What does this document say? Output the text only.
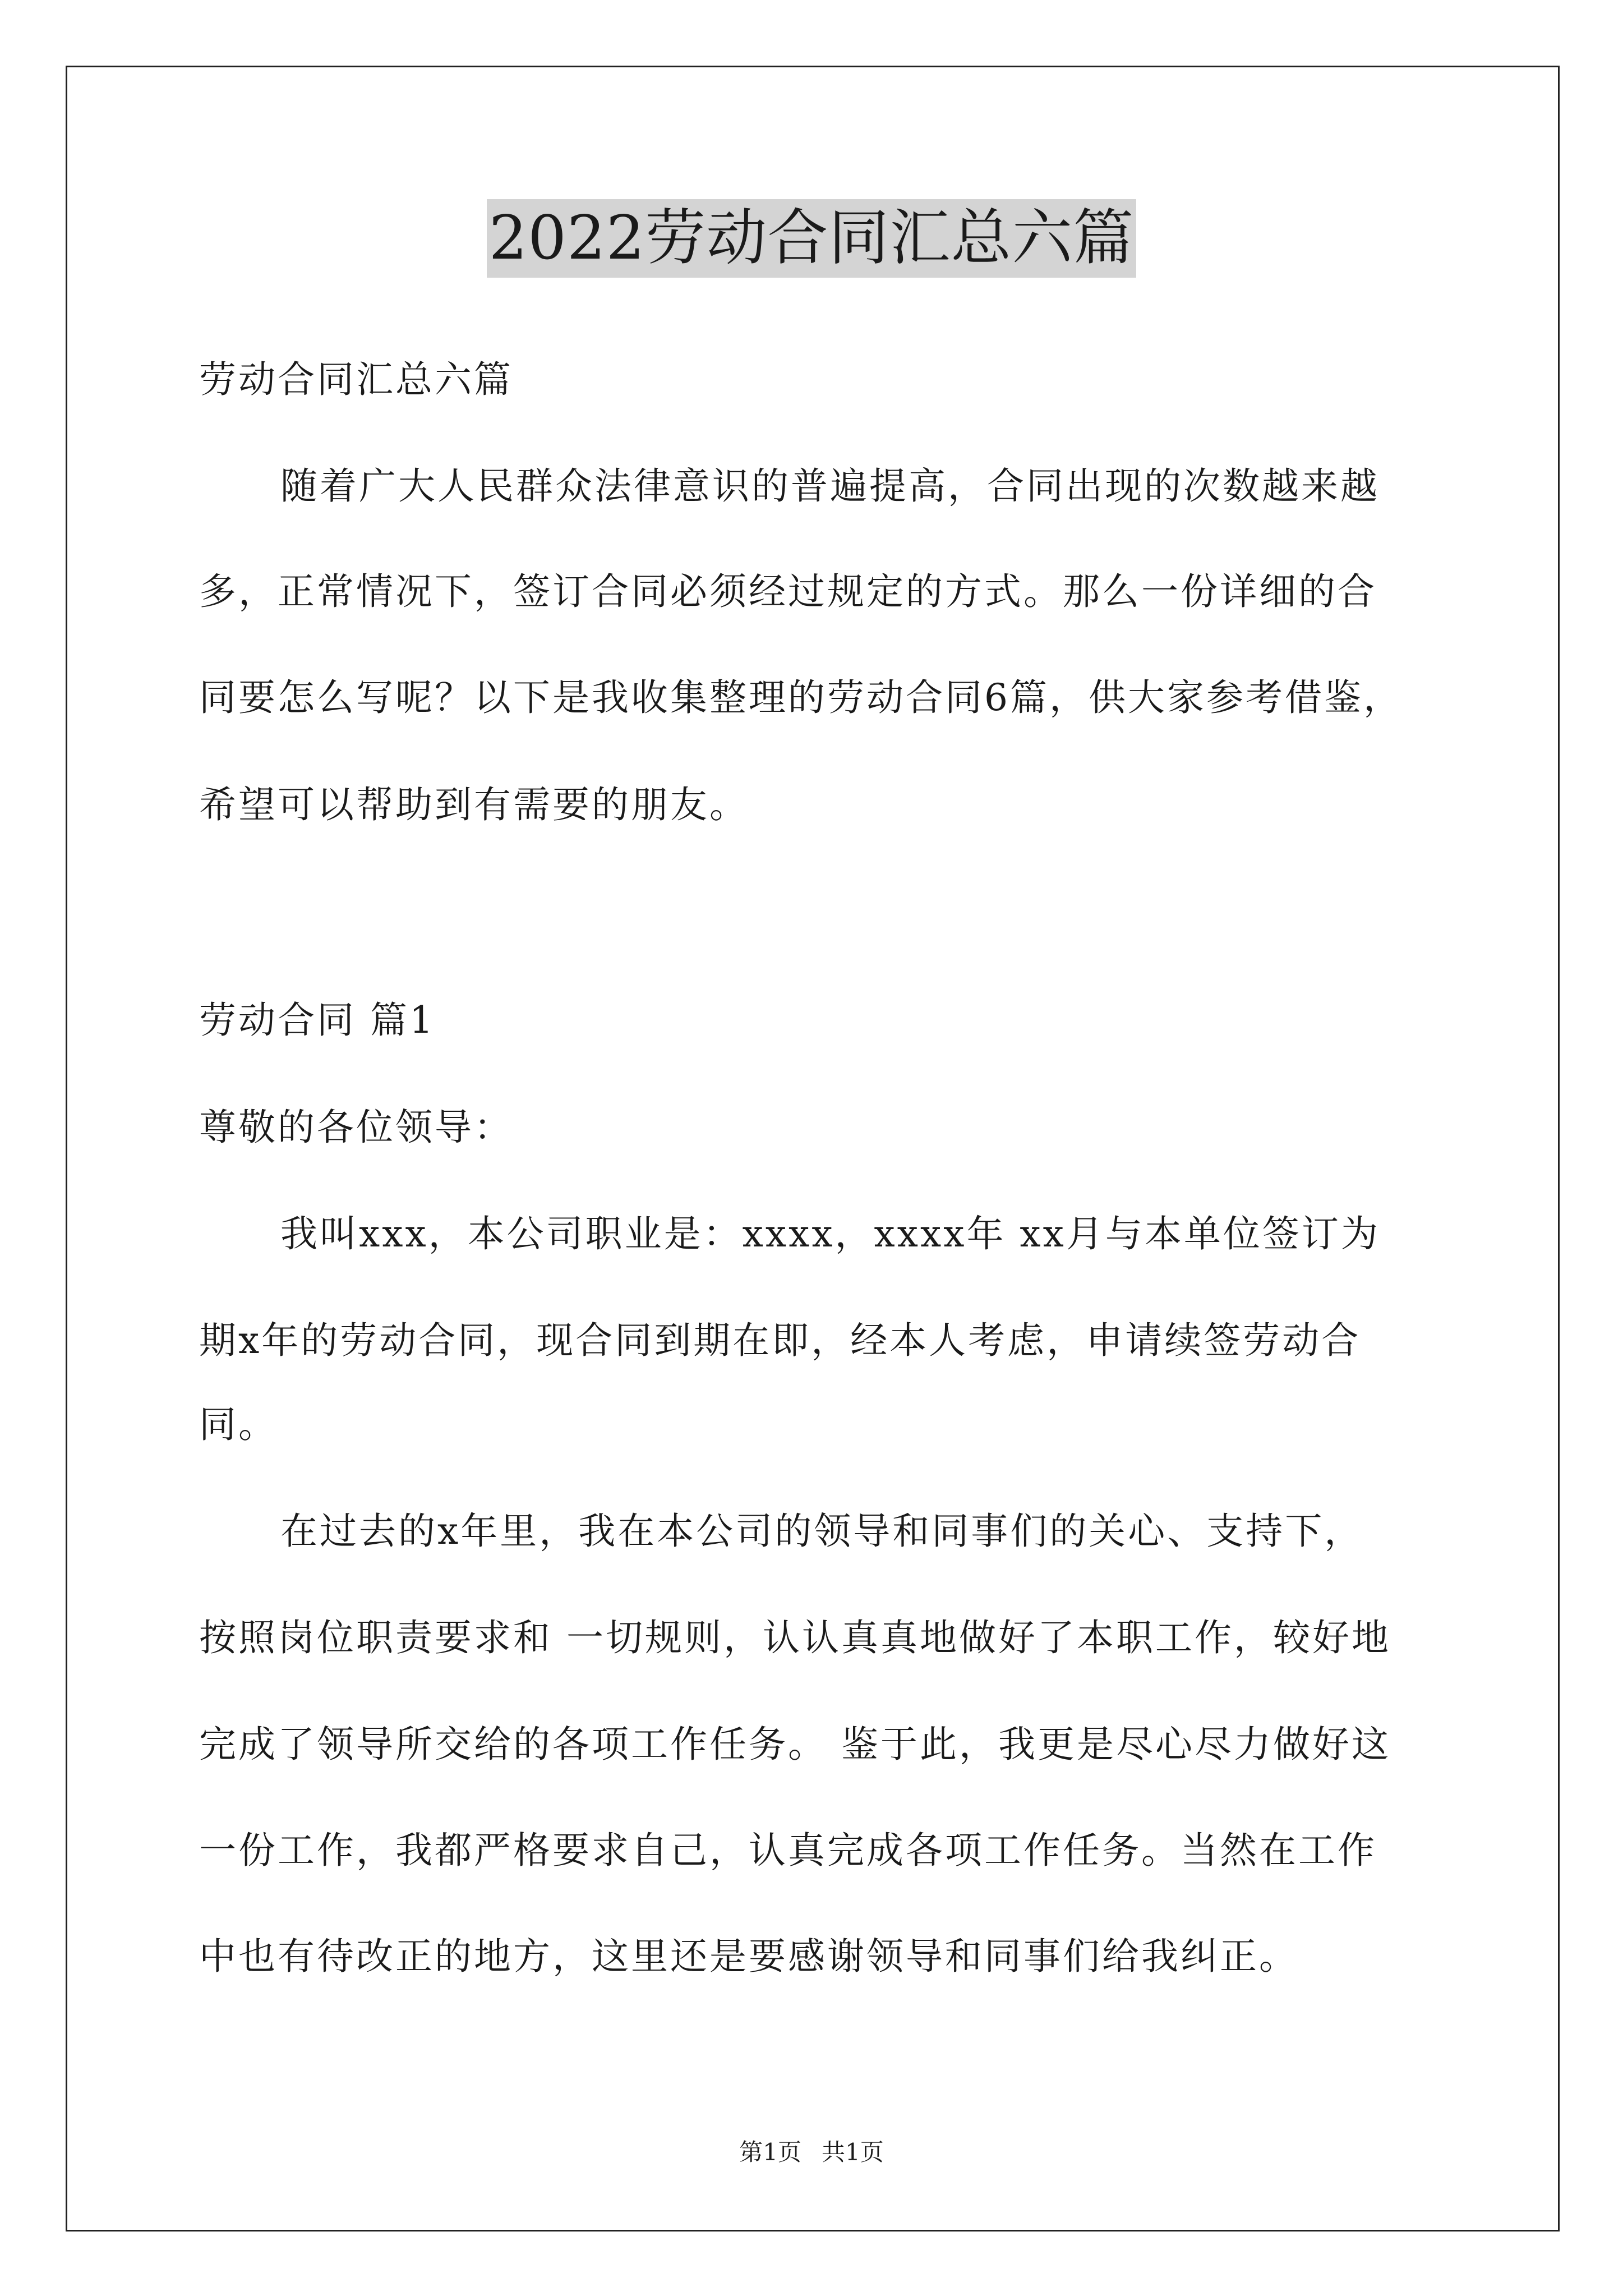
2022劳动合同汇总六篇
劳动合同汇总六篇
随着广大人民群众法律意识的普遍提高，合同出现的次数越来越
多，正常情况下，签订合同必须经过规定的方式。那么一份详细的合
同要怎么写呢？以下是我收集整理的劳动合同6篇，供大家参考借鉴，
希望可以帮助到有需要的朋友。
劳动合同 篇1
尊敬的各位领导：
我叫xxx，本公司职业是：xxxx，xxxx年 xx月与本单位签订为
期x年的劳动合同，现合同到期在即，经本人考虑，申请续签劳动合
同。
在过去的x年里，我在本公司的领导和同事们的关心、支持下，
按照岗位职责要求和 一切规则，认认真真地做好了本职工作，较好地
完成了领导所交给的各项工作任务。 鉴于此，我更是尽心尽力做好这
一份工作，我都严格要求自己，认真完成各项工作任务。当然在工作
中也有待改正的地方，这里还是要感谢领导和同事们给我纠正。
第1页 共1页
